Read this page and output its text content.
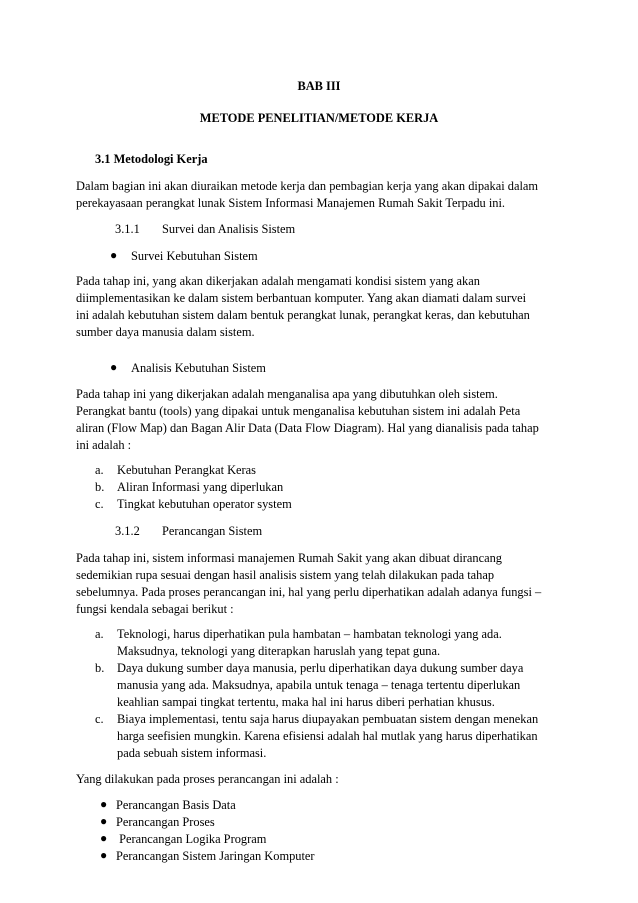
BAB III
METODE PENELITIAN/METODE KERJA
3.1 Metodologi Kerja
Dalam bagian ini akan diuraikan metode kerja dan pembagian kerja yang akan dipakai dalam
perekayasaan perangkat lunak Sistem Informasi Manajemen Rumah Sakit Terpadu ini.
3.1.1 Survei dan Analisis Sistem
● Survei Kebutuhan Sistem
Pada tahap ini, yang akan dikerjakan adalah mengamati kondisi sistem yang akan
diimplementasikan ke dalam sistem berbantuan komputer. Yang akan diamati dalam survei
ini adalah kebutuhan sistem dalam bentuk perangkat lunak, perangkat keras, dan kebutuhan
sumber daya manusia dalam sistem.
● Analisis Kebutuhan Sistem
Pada tahap ini yang dikerjakan adalah menganalisa apa yang dibutuhkan oleh sistem.
Perangkat bantu (tools) yang dipakai untuk menganalisa kebutuhan sistem ini adalah Peta
aliran (Flow Map) dan Bagan Alir Data (Data Flow Diagram). Hal yang dianalisis pada tahap
ini adalah :
a. Kebutuhan Perangkat Keras
b. Aliran Informasi yang diperlukan
c. Tingkat kebutuhan operator system
3.1.2 Perancangan Sistem
Pada tahap ini, sistem informasi manajemen Rumah Sakit yang akan dibuat dirancang
sedemikian rupa sesuai dengan hasil analisis sistem yang telah dilakukan pada tahap
sebelumnya. Pada proses perancangan ini, hal yang perlu diperhatikan adalah adanya fungsi –
fungsi kendala sebagai berikut :
a. Teknologi, harus diperhatikan pula hambatan – hambatan teknologi yang ada.
Maksudnya, teknologi yang diterapkan haruslah yang tepat guna.
b. Daya dukung sumber daya manusia, perlu diperhatikan daya dukung sumber daya
manusia yang ada. Maksudnya, apabila untuk tenaga – tenaga tertentu diperlukan
keahlian sampai tingkat tertentu, maka hal ini harus diberi perhatian khusus.
c. Biaya implementasi, tentu saja harus diupayakan pembuatan sistem dengan menekan
harga seefisien mungkin. Karena efisiensi adalah hal mutlak yang harus diperhatikan
pada sebuah sistem informasi.
Yang dilakukan pada proses perancangan ini adalah :
● Perancangan Basis Data
● Perancangan Proses
● Perancangan Logika Program
● Perancangan Sistem Jaringan Komputer
